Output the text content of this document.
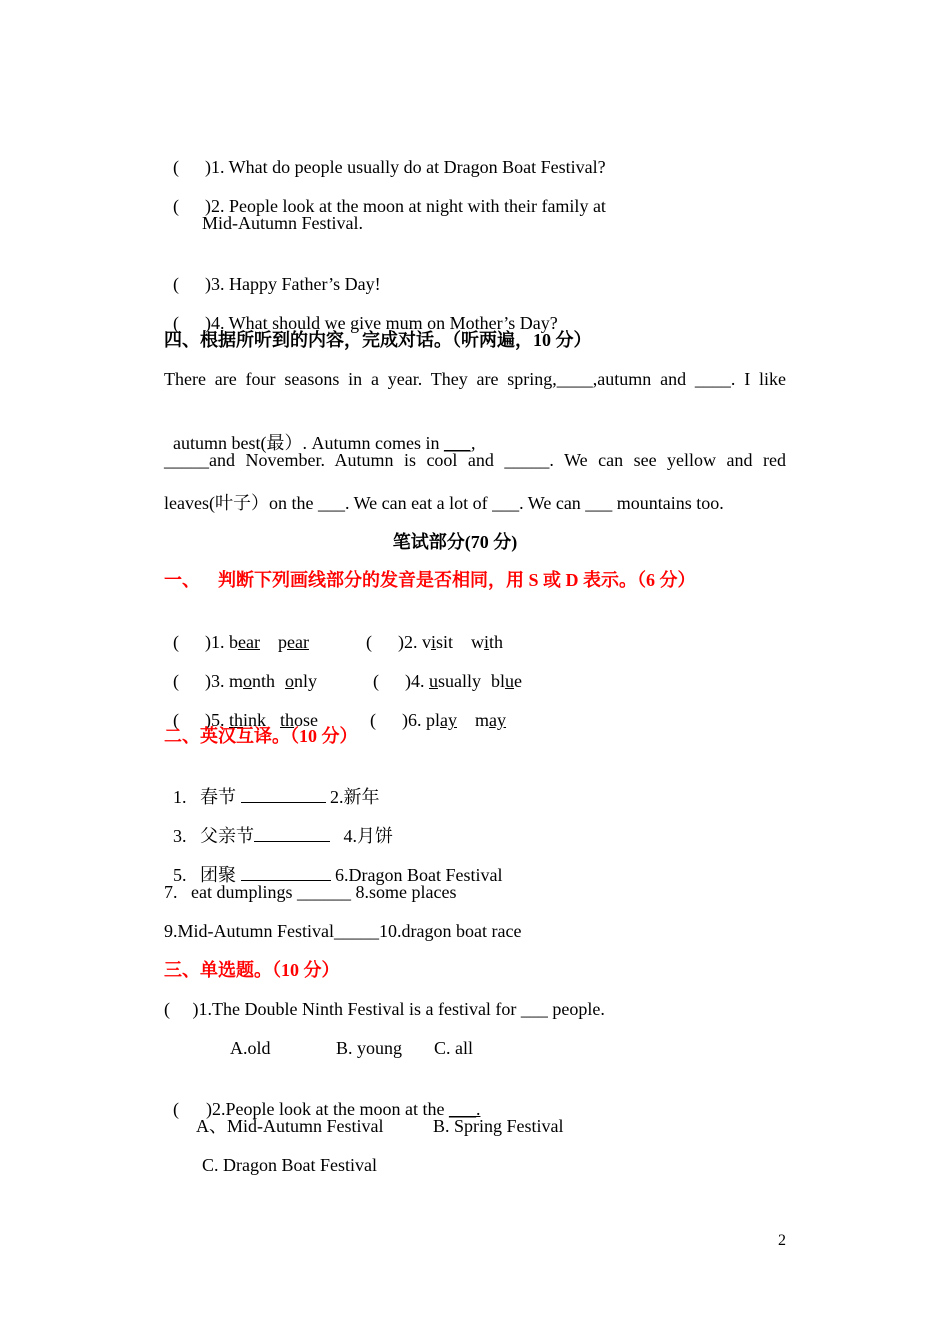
( )1. What do people usually do at Dragon Boat Festival?

( )2. People look at the moon at night with their family at

Mid-Autumn Festival.

( )3. Happy Father’s Day!

( )4. What should we give mum on Mother’s Day?

四、根据所听到的内容，完成对话。（听两遍，10 分）
There are four seasons in a year. They are spring,____,autumn and ____. I like

autumn best(最）. Autumn comes in ___,

_____and November. Autumn is cool and _____. We can see yellow and red
leaves(叶子）on the ___. We can eat a lot of ___. We can ___ mountains too.
笔试部分(70 分)
一、    判断下列画线部分的发音是否相同，用 S 或 D 表示。（6 分）

( )1. bear pear
	( )2. visit with

( )3. month only
	( )4. usually blue

( )5. think those
	( )6. play may

二、英汉互译。（10 分）

1.   春节	2.新年

3.   父亲节	4.月饼

5.   团聚	6.Dragon Boat Festival

7.   eat dumplings ______ 8.some places
9.Mid-Autumn Festival_____10.dragon boat race
三、单选题。（10 分）
(     )1.The Double Ninth Festival is a festival for ___ people.
A.old	B. young C. all

(      )2.People look at the moon at the ___.

A、Mid-Autumn Festival	B. Spring Festival
C. Dragon Boat Festival
2
